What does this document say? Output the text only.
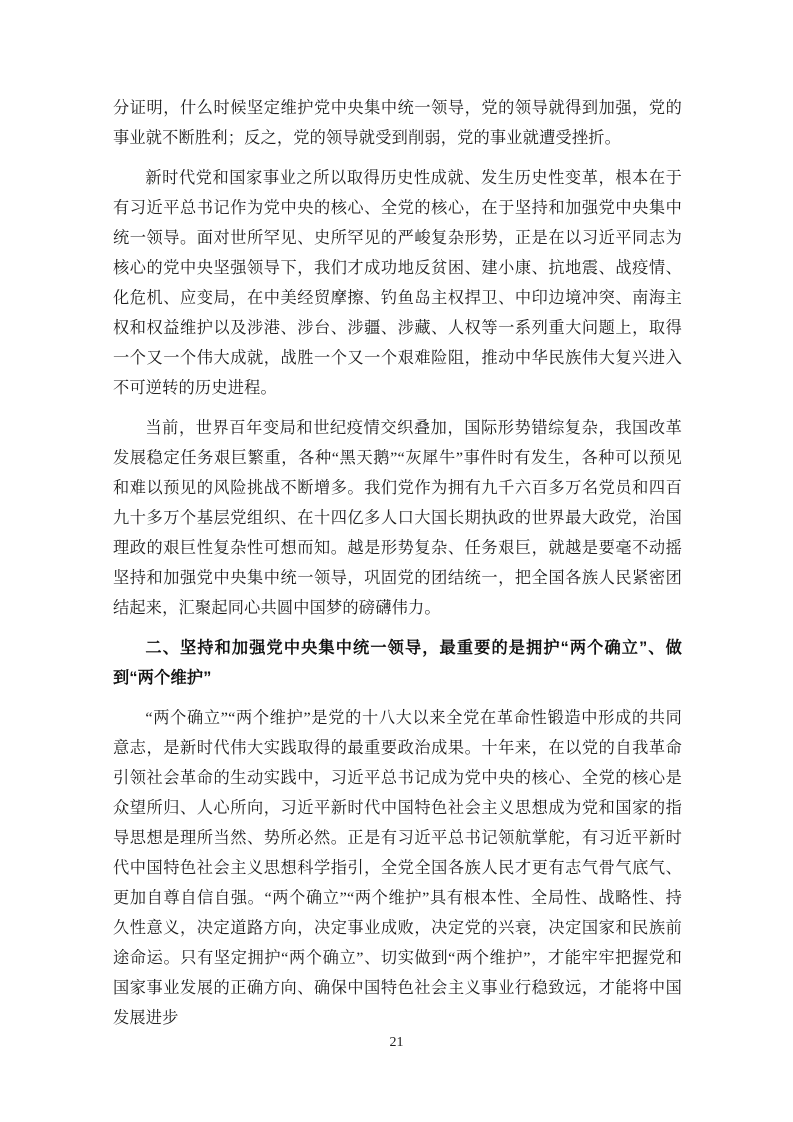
分证明，什么时候坚定维护党中央集中统一领导，党的领导就得到加强，党的事业就不断胜利；反之，党的领导就受到削弱，党的事业就遭受挫折。

新时代党和国家事业之所以取得历史性成就、发生历史性变革，根本在于有习近平总书记作为党中央的核心、全党的核心，在于坚持和加强党中央集中统一领导。面对世所罕见、史所罕见的严峻复杂形势，正是在以习近平同志为核心的党中央坚强领导下，我们才成功地反贫困、建小康、抗地震、战疫情、化危机、应变局，在中美经贸摩擦、钓鱼岛主权捍卫、中印边境冲突、南海主权和权益维护以及涉港、涉台、涉疆、涉藏、人权等一系列重大问题上，取得一个又一个伟大成就，战胜一个又一个艰难险阻，推动中华民族伟大复兴进入不可逆转的历史进程。

当前，世界百年变局和世纪疫情交织叠加，国际形势错综复杂，我国改革发展稳定任务艰巨繁重，各种“黑天鹅”“灰犀牛”事件时有发生，各种可以预见和难以预见的风险挑战不断增多。我们党作为拥有九千六百多万名党员和四百九十多万个基层党组织、在十四亿多人口大国长期执政的世界最大政党，治国理政的艰巨性复杂性可想而知。越是形势复杂、任务艰巨，就越是要毫不动摇坚持和加强党中央集中统一领导，巩固党的团结统一，把全国各族人民紧密团结起来，汇聚起同心共圆中国梦的磅礴伟力。

二、坚持和加强党中央集中统一领导，最重要的是拥护“两个确立”、做到“两个维护”

“两个确立”“两个维护”是党的十八大以来全党在革命性锻造中形成的共同意志，是新时代伟大实践取得的最重要政治成果。十年来，在以党的自我革命引领社会革命的生动实践中，习近平总书记成为党中央的核心、全党的核心是众望所归、人心所向，习近平新时代中国特色社会主义思想成为党和国家的指导思想是理所当然、势所必然。正是有习近平总书记领航掌舵，有习近平新时代中国特色社会主义思想科学指引，全党全国各族人民才更有志气骨气底气、更加自尊自信自强。“两个确立”“两个维护”具有根本性、全局性、战略性、持久性意义，决定道路方向，决定事业成败，决定党的兴衰，决定国家和民族前途命运。只有坚定拥护“两个确立”、切实做到“两个维护”，才能牢牢把握党和国家事业发展的正确方向、确保中国特色社会主义事业行稳致远，才能将中国发展进步

21
